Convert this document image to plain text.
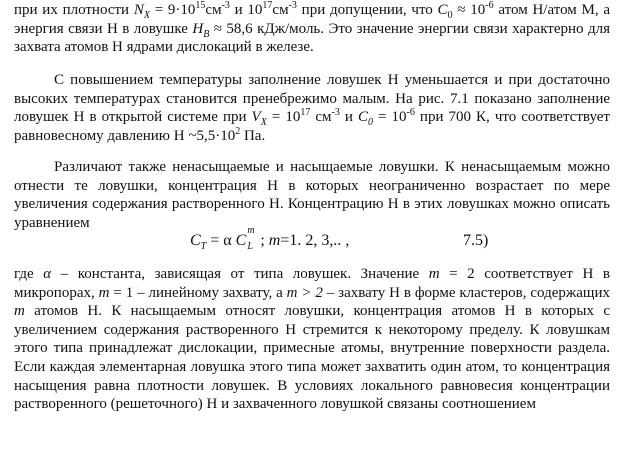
при их плотности $N_X = 9\cdot 10^{15}см^{-3}$ и $10^{17}см^{-3}$ при допущении, что $C_0 \approx 10^{-6}$ атом Н/атом М, а энергия связи Н в ловушке $H_B \approx 58,6$ кДж/моль. Это значение энергии связи характерно для захвата атомов Н ядрами дислокаций в железе.

С повышением температуры заполнение ловушек Н уменьшается и при достаточно высоких температурах становится пренебрежимо малым. На рис. 7.1 показано заполнение ловушек Н в открытой системе при $V_X = 10^{17}$ $см^{-3}$ и $C_0 = 10^{-6}$ при 700 К, что соответствует равновесному давлению Н $\sim 5,5\cdot 10^2$ Па.

Различают также ненасыщаемые и насыщаемые ловушки. К ненасыщаемым можно отнести те ловушки, концентрация Н в которых неограниченно возрастает по мере увеличения содержания растворенного Н. Концентрацию Н в этих ловушках можно описать уравнением

$C_T = \alpha$ C
m
L ; m=1. 2, 3,.. ,	7.5)

где α – константа, зависящая от типа ловушек. Значение m = 2 соответствует Н в микропорах, m = 1 – линейному захвату, а m > 2 – захвату Н в форме кластеров, содержащих m атомов Н. К насыщаемым относят ловушки, концентрация атомов Н в которых с увеличением содержания растворенного Н стремится к некоторому пределу. К ловушкам этого типа принадлежат дислокации, примесные атомы, внутренние поверхности раздела. Если каждая элементарная ловушка этого типа может захватить один атом, то концентрация насыщения равна плотности ловушек. В условиях локального равновесия концентрации растворенного (решеточного) Н и захваченного ловушкой связаны соотношением
